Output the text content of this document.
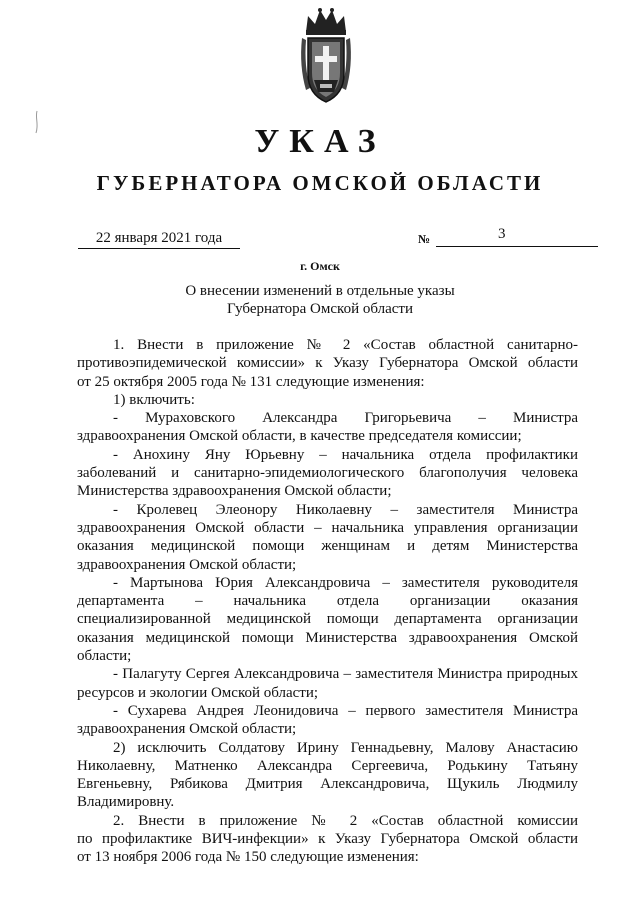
УКАЗ
ГУБЕРНАТОРА ОМСКОЙ ОБЛАСТИ
22 января 2021 года	№	3
г. Омск
О внесении изменений в отдельные указы
Губернатора Омской области

1. Внести в приложение № 2 «Состав областной санитарно-
противоэпидемической комиссии» к Указу Губернатора Омской области
от 25 октября 2005 года № 131 следующие изменения:

1) включить:

- Мураховского Александра Григорьевича – Министра
здравоохранения Омской области, в качестве председателя комиссии;

- Анохину Яну Юрьевну – начальника отдела профилактики
заболеваний и санитарно-эпидемиологического благополучия человека
Министерства здравоохранения Омской области;

- Кролевец Элеонору Николаевну – заместителя Министра
здравоохранения Омской области – начальника управления организации
оказания медицинской помощи женщинам и детям Министерства
здравоохранения Омской области;

- Мартынова Юрия Александровича – заместителя руководителя
департамента – начальника отдела организации оказания
специализированной медицинской помощи департамента организации
оказания медицинской помощи Министерства здравоохранения Омской
области;

- Палагуту Сергея Александровича – заместителя Министра природных
ресурсов и экологии Омской области;

- Сухарева Андрея Леонидовича – первого заместителя Министра
здравоохранения Омской области;

2) исключить Солдатову Ирину Геннадьевну, Малову Анастасию
Николаевну, Матненко Александра Сергеевича, Родькину Татьяну
Евгеньевну, Рябикова Дмитрия Александровича, Щукиль Людмилу
Владимировну.

2. Внести в приложение № 2 «Состав областной комиссии
по профилактике ВИЧ-инфекции» к Указу Губернатора Омской области
от 13 ноября 2006 года № 150 следующие изменения:
